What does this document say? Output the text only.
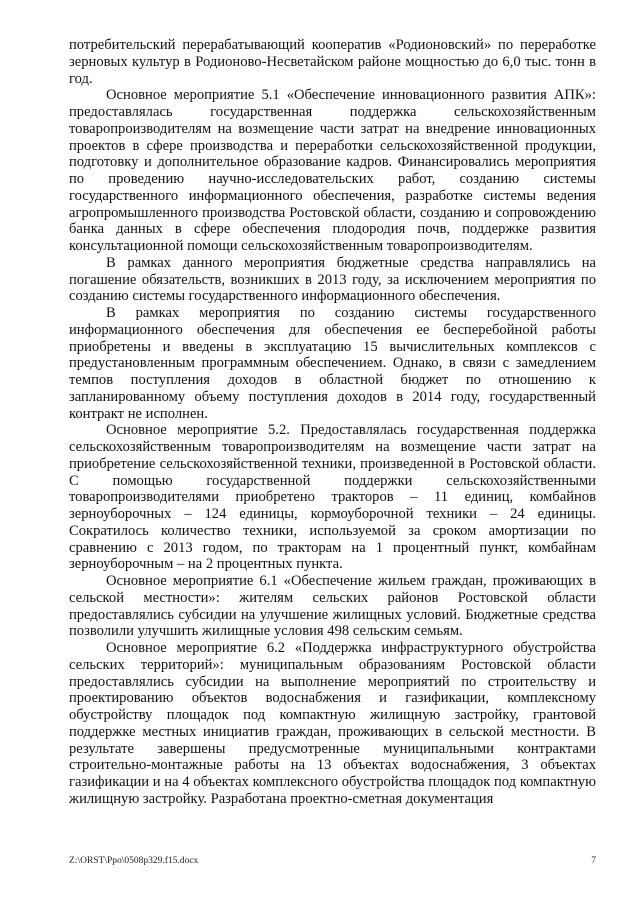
потребительский перерабатывающий кооператив «Родионовский» по переработке зерновых культур в Родионово-Несветайском районе мощностью до 6,0 тыс. тонн в год.

Основное мероприятие 5.1 «Обеспечение инновационного развития АПК»: предоставлялась государственная поддержка сельскохозяйственным товаропроизводителям на возмещение части затрат на внедрение инновационных проектов в сфере производства и переработки сельскохозяйственной продукции, подготовку и дополнительное образование кадров. Финансировались мероприятия по проведению научно-исследовательских работ, созданию системы государственного информационного обеспечения, разработке системы ведения агропромышленного производства Ростовской области, созданию и сопровождению банка данных в сфере обеспечения плодородия почв, поддержке развития консультационной помощи сельскохозяйственным товаропроизводителям.

В рамках данного мероприятия бюджетные средства направлялись на погашение обязательств, возникших в 2013 году, за исключением мероприятия по созданию системы государственного информационного обеспечения.

В рамках мероприятия по созданию системы государственного информационного обеспечения для обеспечения ее бесперебойной работы приобретены и введены в эксплуатацию 15 вычислительных комплексов с предустановленным программным обеспечением. Однако, в связи с замедлением темпов поступления доходов в областной бюджет по отношению к запланированному объему поступления доходов в 2014 году, государственный контракт не исполнен.

Основное мероприятие 5.2. Предоставлялась государственная поддержка сельскохозяйственным товаропроизводителям на возмещение части затрат на приобретение сельскохозяйственной техники, произведенной в Ростовской области. С помощью государственной поддержки сельскохозяйственными товаропроизводителями приобретено тракторов – 11 единиц, комбайнов зерноуборочных – 124 единицы, кормоуборочной техники – 24 единицы. Сократилось количество техники, используемой за сроком амортизации по сравнению с 2013 годом, по тракторам на 1 процентный пункт, комбайнам зерноуборочным – на 2 процентных пункта.

Основное мероприятие 6.1 «Обеспечение жильем граждан, проживающих в сельской местности»: жителям сельских районов Ростовской области предоставлялись субсидии на улучшение жилищных условий. Бюджетные средства позволили улучшить жилищные условия 498 сельским семьям.

Основное мероприятие 6.2 «Поддержка инфраструктурного обустройства сельских территорий»: муниципальным образованиям Ростовской области предоставлялись субсидии на выполнение мероприятий по строительству и проектированию объектов водоснабжения и газификации, комплексному обустройству площадок под компактную жилищную застройку, грантовой поддержке местных инициатив граждан, проживающих в сельской местности. В результате завершены предусмотренные муниципальными контрактами строительно-монтажные работы на 13 объектах водоснабжения, 3 объектах газификации и на 4 объектах комплексного обустройства площадок под компактную жилищную застройку. Разработана проектно-сметная документация

Z:\ORST\Ppo\0508p329.f15.docx	7
